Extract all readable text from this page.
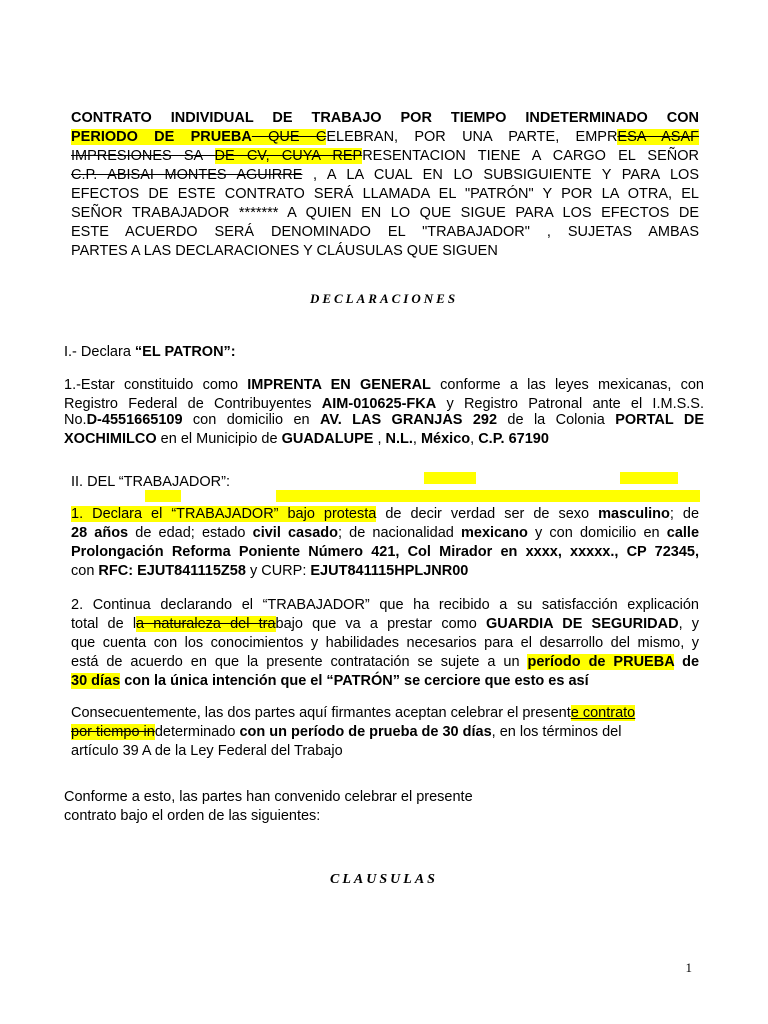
CONTRATO INDIVIDUAL DE TRABAJO POR TIEMPO INDETERMINADO CON
PERIODO DE PRUEBA QUE CELEBRAN, POR UNA PARTE, EMPRESA ASAF
IMPRESIONES SA DE CV, CUYA REPRESENTACION TIENE A CARGO EL SEÑOR
C.P. ABISAI MONTES AGUIRRE , A LA CUAL EN LO SUBSIGUIENTE Y PARA LOS
EFECTOS DE ESTE CONTRATO SERÁ LLAMADA EL "PATRÓN" Y POR LA OTRA, EL
SEÑOR TRABAJADOR ******* A QUIEN EN LO QUE SIGUE PARA LOS EFECTOS DE
ESTE ACUERDO SERÁ DENOMINADO EL "TRABAJADOR" , SUJETAS AMBAS
PARTES A LAS DECLARACIONES Y CLÁUSULAS QUE SIGUEN
DECLARACIONES
I.- Declara “EL PATRON”:
1.-Estar constituido como IMPRENTA EN GENERAL conforme a las leyes mexicanas, con
Registro Federal de Contribuyentes AIM-010625-FKA y Registro Patronal ante el I.M.S.S.
No.D-4551665109 con domicilio en AV. LAS GRANJAS 292 de la Colonia PORTAL DE
XOCHIMILCO en el Municipio de GUADALUPE , N.L., México, C.P. 67190
II. DEL “TRABAJADOR”:
1. Declara el “TRABAJADOR” bajo protesta de decir verdad ser de sexo masculino; de
28 años de edad; estado civil casado; de nacionalidad mexicano y con domicilio en calle
Prolongación Reforma Poniente Número 421, Col Mirador en xxxx, xxxxx., CP 72345,
con RFC: EJUT841115Z58 y CURP: EJUT841115HPLJNR00
2. Continua declarando el “TRABAJADOR” que ha recibido a su satisfacción explicación
total de la naturaleza del trabajo que va a prestar como GUARDIA DE SEGURIDAD, y
que cuenta con los conocimientos y habilidades necesarios para el desarrollo del mismo, y
está de acuerdo en que la presente contratación se sujete a un período de PRUEBA de
30 días con la única intención que el “PATRÓN” se cerciore que esto es así
Consecuentemente, las dos partes aquí firmantes aceptan celebrar el presente contrato
por tiempo indeterminado con un período de prueba de 30 días, en los términos del
artículo 39 A de la Ley Federal del Trabajo
Conforme a esto, las partes han convenido celebrar el presente
contrato bajo el orden de las siguientes:
CLAUSULAS
1
